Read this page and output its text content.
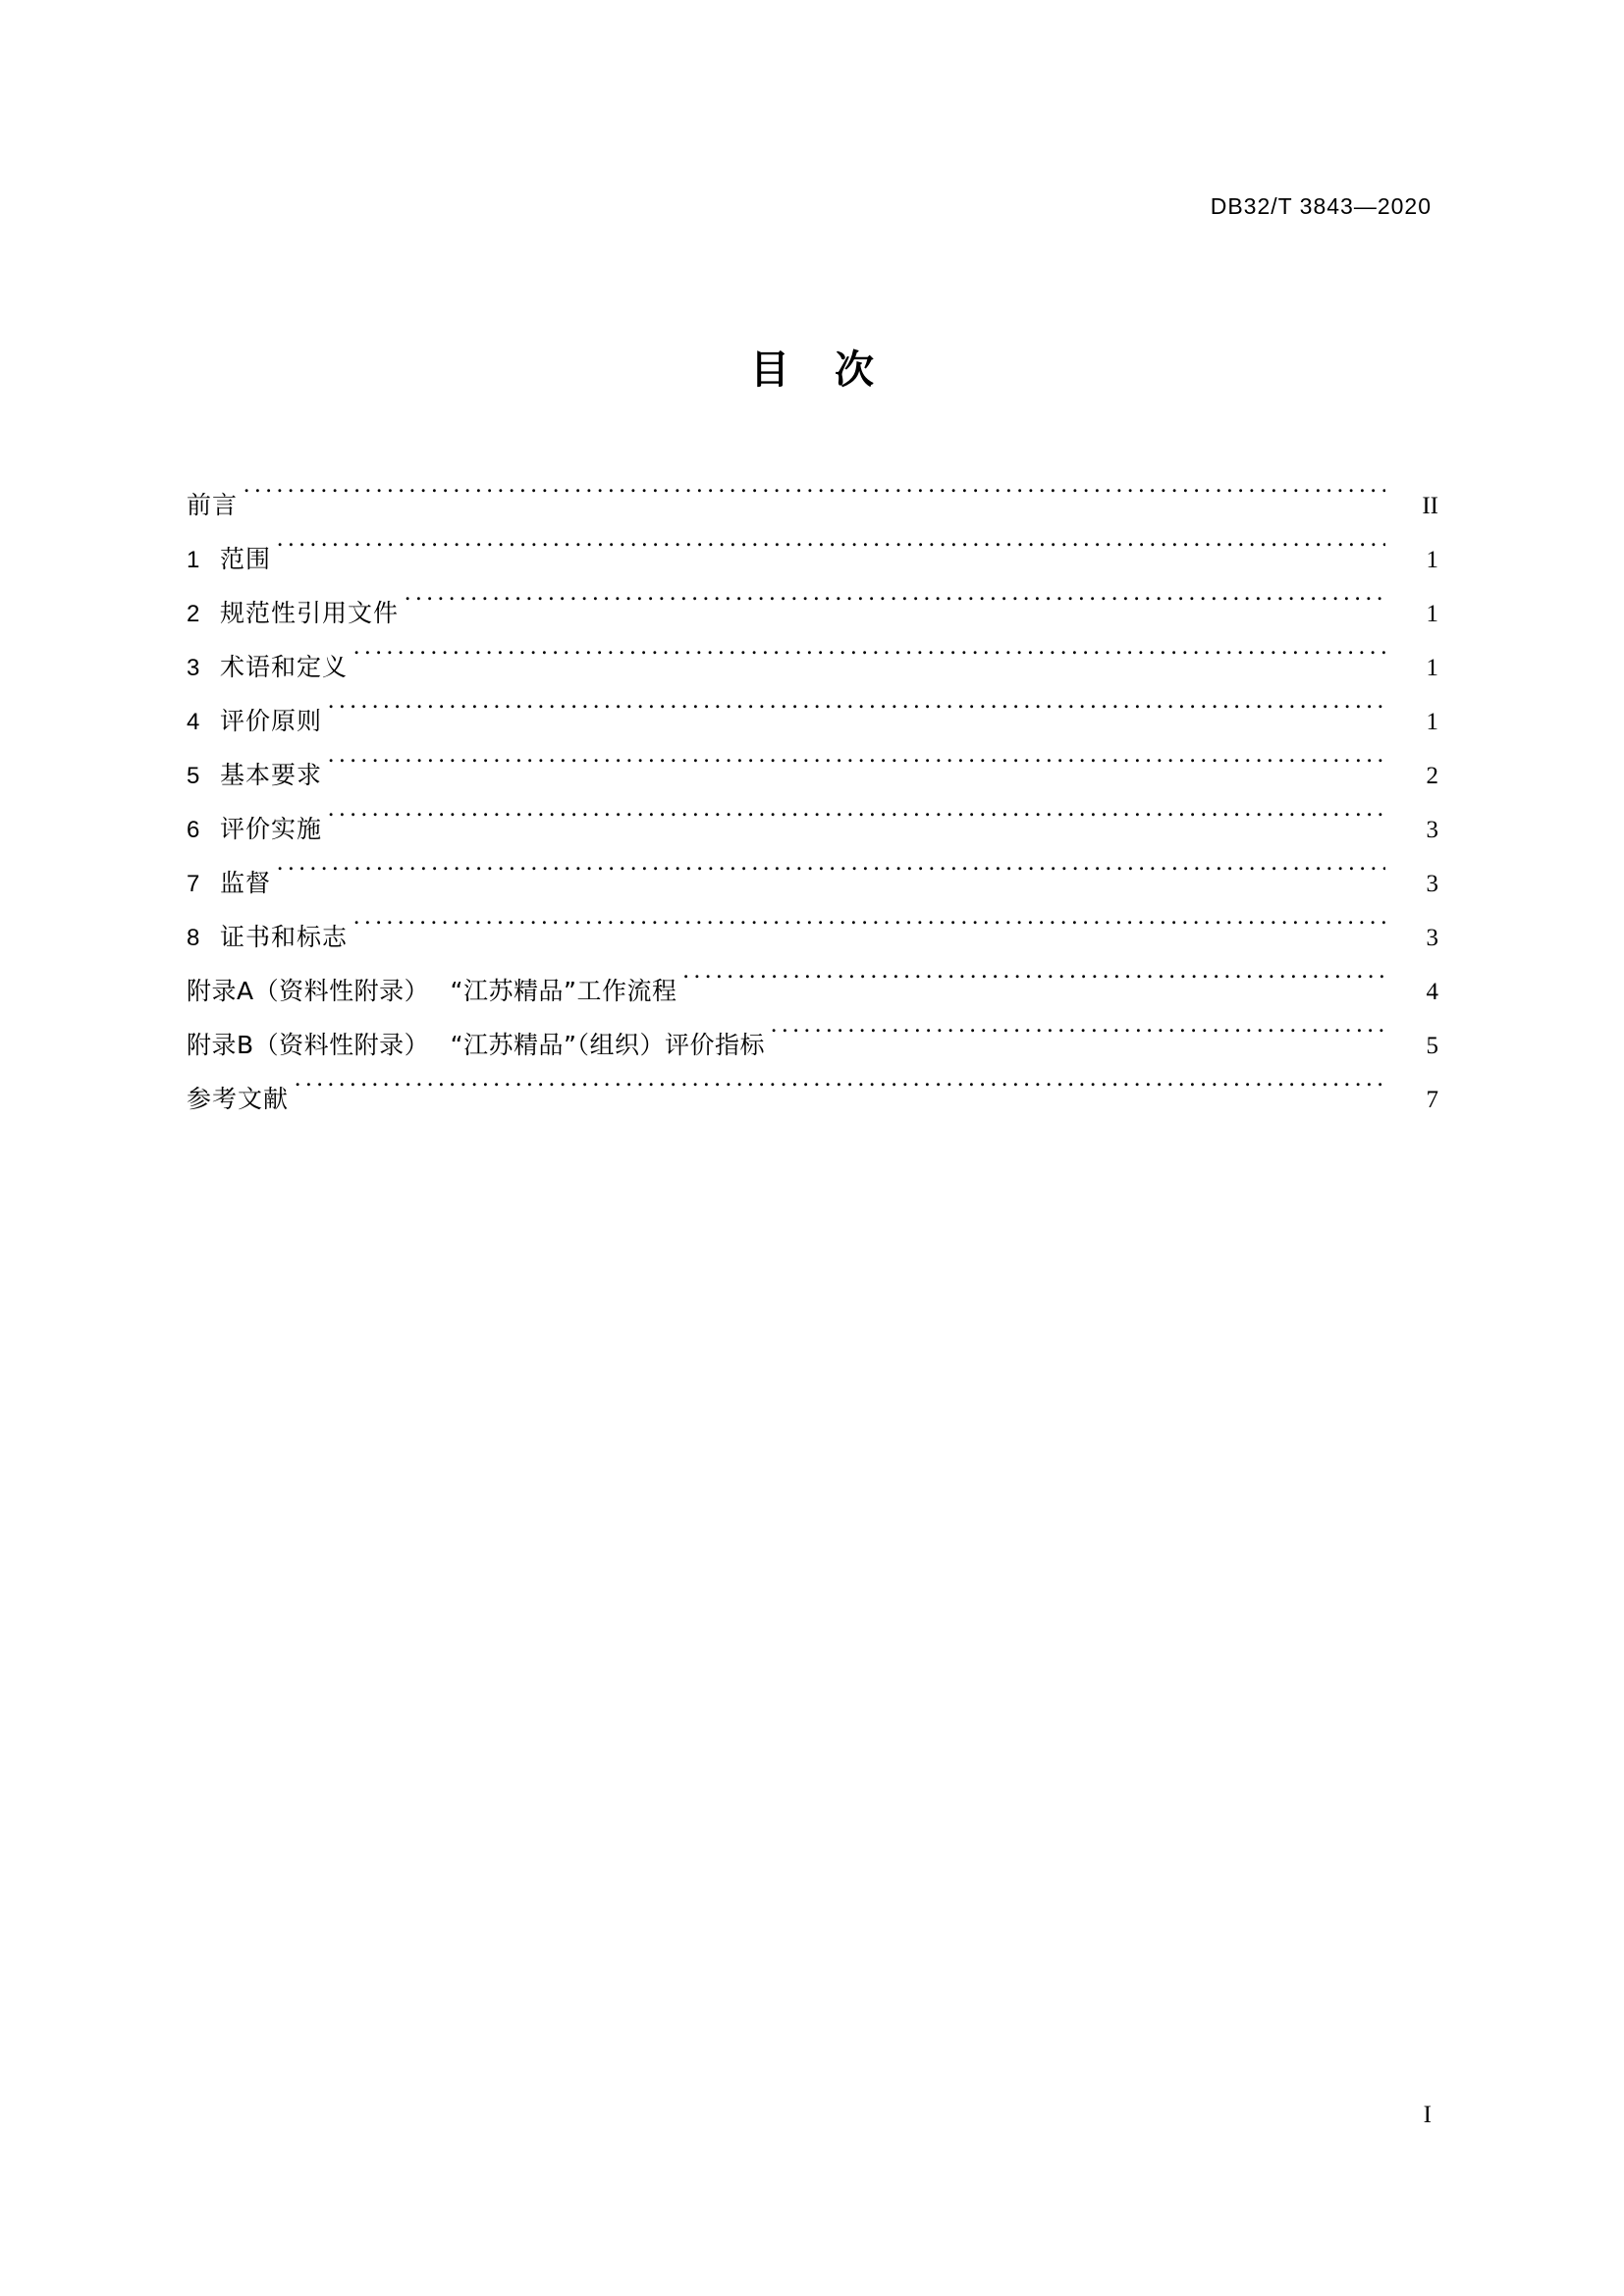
DB32/T 3843—2020
目 次
前言 .....	II
1 范围 .....	1
2 规范性引用文件 .....	1
3 术语和定义 .....	1
4 评价原则 .....	1
5 基本要求 .....	2
6 评价实施 .....	3
7 监督 .....	3
8 证书和标志 .....	3
附录A（资料性附录）　 “江苏精品”工作流程 .....	4
附录B（资料性附录）　 “江苏精品”（组织）评价指标 .....	5
参考文献 .....	7
I
